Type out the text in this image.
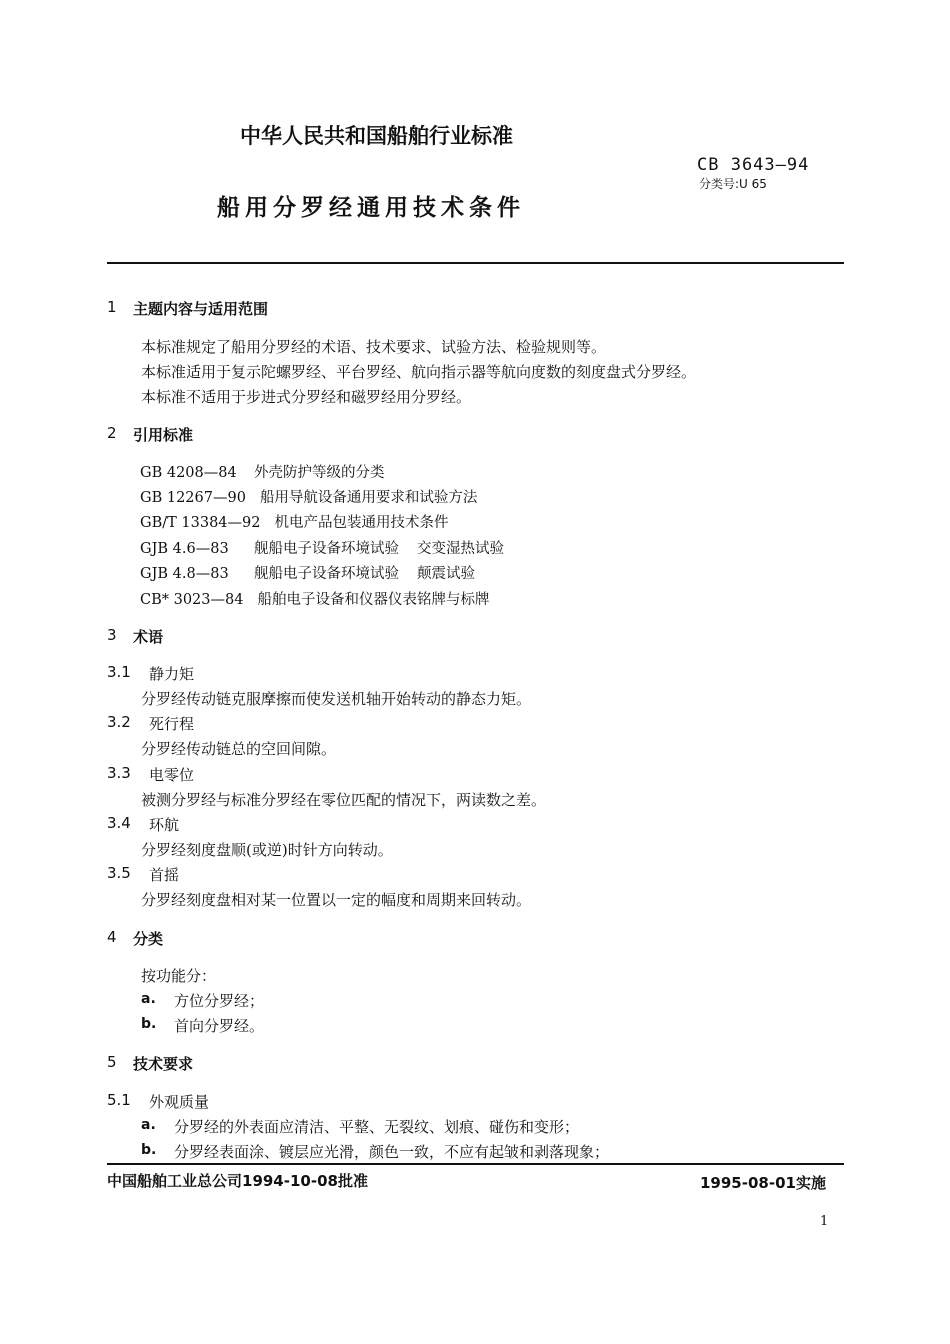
中华人民共和国船舶行业标准
CB 3643—94
分类号:U 65
船用分罗经通用技术条件
1 主题内容与适用范围
本标准规定了船用分罗经的术语、技术要求、试验方法、检验规则等。
本标准适用于复示陀螺罗经、平台罗经、航向指示器等航向度数的刻度盘式分罗经。
本标准不适用于步进式分罗经和磁罗经用分罗经。
2 引用标准
GB 4208—84 外壳防护等级的分类
GB 12267—90 船用导航设备通用要求和试验方法
GB/T 13384—92 机电产品包装通用技术条件
GJB 4.6—83 舰船电子设备环境试验 交变湿热试验
GJB 4.8—83 舰船电子设备环境试验 颠震试验
CB* 3023—84 船舶电子设备和仪器仪表铭牌与标牌
3 术语
3.1 静力矩
分罗经传动链克服摩擦而使发送机轴开始转动的静态力矩。
3.2 死行程
分罗经传动链总的空回间隙。
3.3 电零位
被测分罗经与标准分罗经在零位匹配的情况下，两读数之差。
3.4 环航
分罗经刻度盘顺(或逆)时针方向转动。
3.5 首摇
分罗经刻度盘相对某一位置以一定的幅度和周期来回转动。
4 分类
按功能分：
a. 方位分罗经；
b. 首向分罗经。
5 技术要求
5.1 外观质量
a. 分罗经的外表面应清洁、平整、无裂纹、划痕、碰伤和变形；
b. 分罗经表面涂、镀层应光滑，颜色一致，不应有起皱和剥落现象；
中国船舶工业总公司1994-10-08批准	1995-08-01实施
1
